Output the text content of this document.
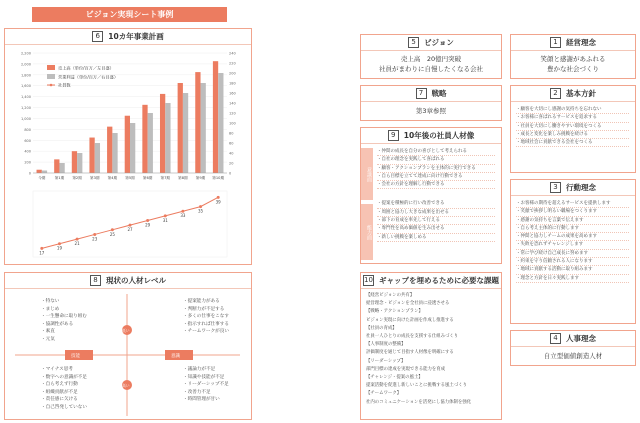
ビジョン実現シート事例
6	10カ年事業計画
0
200
400
600
800
1,000
1,200
1,400
1,600
1,800
2,000
2,200
0
20
40
60
80
100
120
140
160
180
200
220
240
今期	第1期 第2期 第3期 第4期 第5期 第6期 第7期 第8期 第9期 第10期
売上高（単位/百万／左目盛）
営業利益（単位/百万／右目盛）
社員数
17
19
21
23
25
27
29
31
33
35
39
8	現状の人材レベル
技能	意識
低い
高い
・ 特ない
・ まじめ
・ 一生懸命に取り組む
・ 協調性がある
・ 素直
・ 元気
・ 提案能力がある
・ 判断力が不足する
・ 多くの仕事をこなす
・ 指示すれば仕事する
・ チームワークが良い
・ マイナス思考
・ 数字への意識が不足
・ 自ら考えず行動
・ 組織貢献が不足
・ 責任感に欠ける
・ 自己啓発していない
・ 議論力が不足
・ 知識や技能が不足
・ リーダーシップ不足
・ 改善力不足
・ 時間管理が甘い
5	ビジョン
売上高　20億円突破
社員がまわりに自慢したくなる会社
7	戦略
第3章参照
9	10年後の社員人材像
意識面
能力面
・ 仲間の成長を自分の喜びとして考えられる
・ 自社の理念を実践して喜ばれる
・ 顧客・アクションプランを主体的に実行できる
・ 自ら目標を立てて達成に向け行動できる
・ 会社の方針を理解し行動できる
・ 提案を積極的に行い改善できる
・ 周囲と協力し大きな成果を出せる
・ 部下の育成を率先して行える
・ 専門性を高め価値を生み出せる
・ 新しい挑戦を楽しめる
10 ギャップを埋めるために必要な課題
【経営ビジョンの共有】
経営理念・ビジョンを全社員に浸透させる
【戦略・アクションプラン】
ビジョン実現に向けた計画を作成し推進する
【社員の育成】
社員一人ひとりの成長を支援する仕組みづくり
【人事制度の整備】
評価制度を通じて目指す人材像を明確にする
【リーダーシップ】
部門目標の達成を実現できる能力を育成
【チャレンジ・提案の風土】
提案活動を促進し新しいことに挑戦する風土づくり
【チームワーク】
社内のコミュニケーションを活発にし協力体制を強化
1	経営理念
笑顔と感謝があふれる
豊かな社会づくり
2	基本方針
・ 顧客を大切にし感謝の気持ちを忘れない
・ お客様に喜ばれるサービスを追求する
・ 社員を大切にし働きやすい環境をつくる
・ 成長と変化を楽しみ挑戦を続ける
・ 地域社会に貢献できる会社をつくる
3	行動理念
・ お客様の期待を超えるサービスを提供します
・ 笑顔で挨拶し明るい職場をつくります
・ 感謝の気持ちを言葉で伝えます
・ 自ら考え主体的に行動します
・ 仲間と協力しチームの成果を高めます
・ 失敗を恐れずチャレンジします
・ 常に学び続け自己成長に努めます
・ 約束を守り信頼される人になります
・ 地域に貢献する活動に取り組みます
・ 理念と方針を日々実践します
4	人事理念
自立型価値創造人材
